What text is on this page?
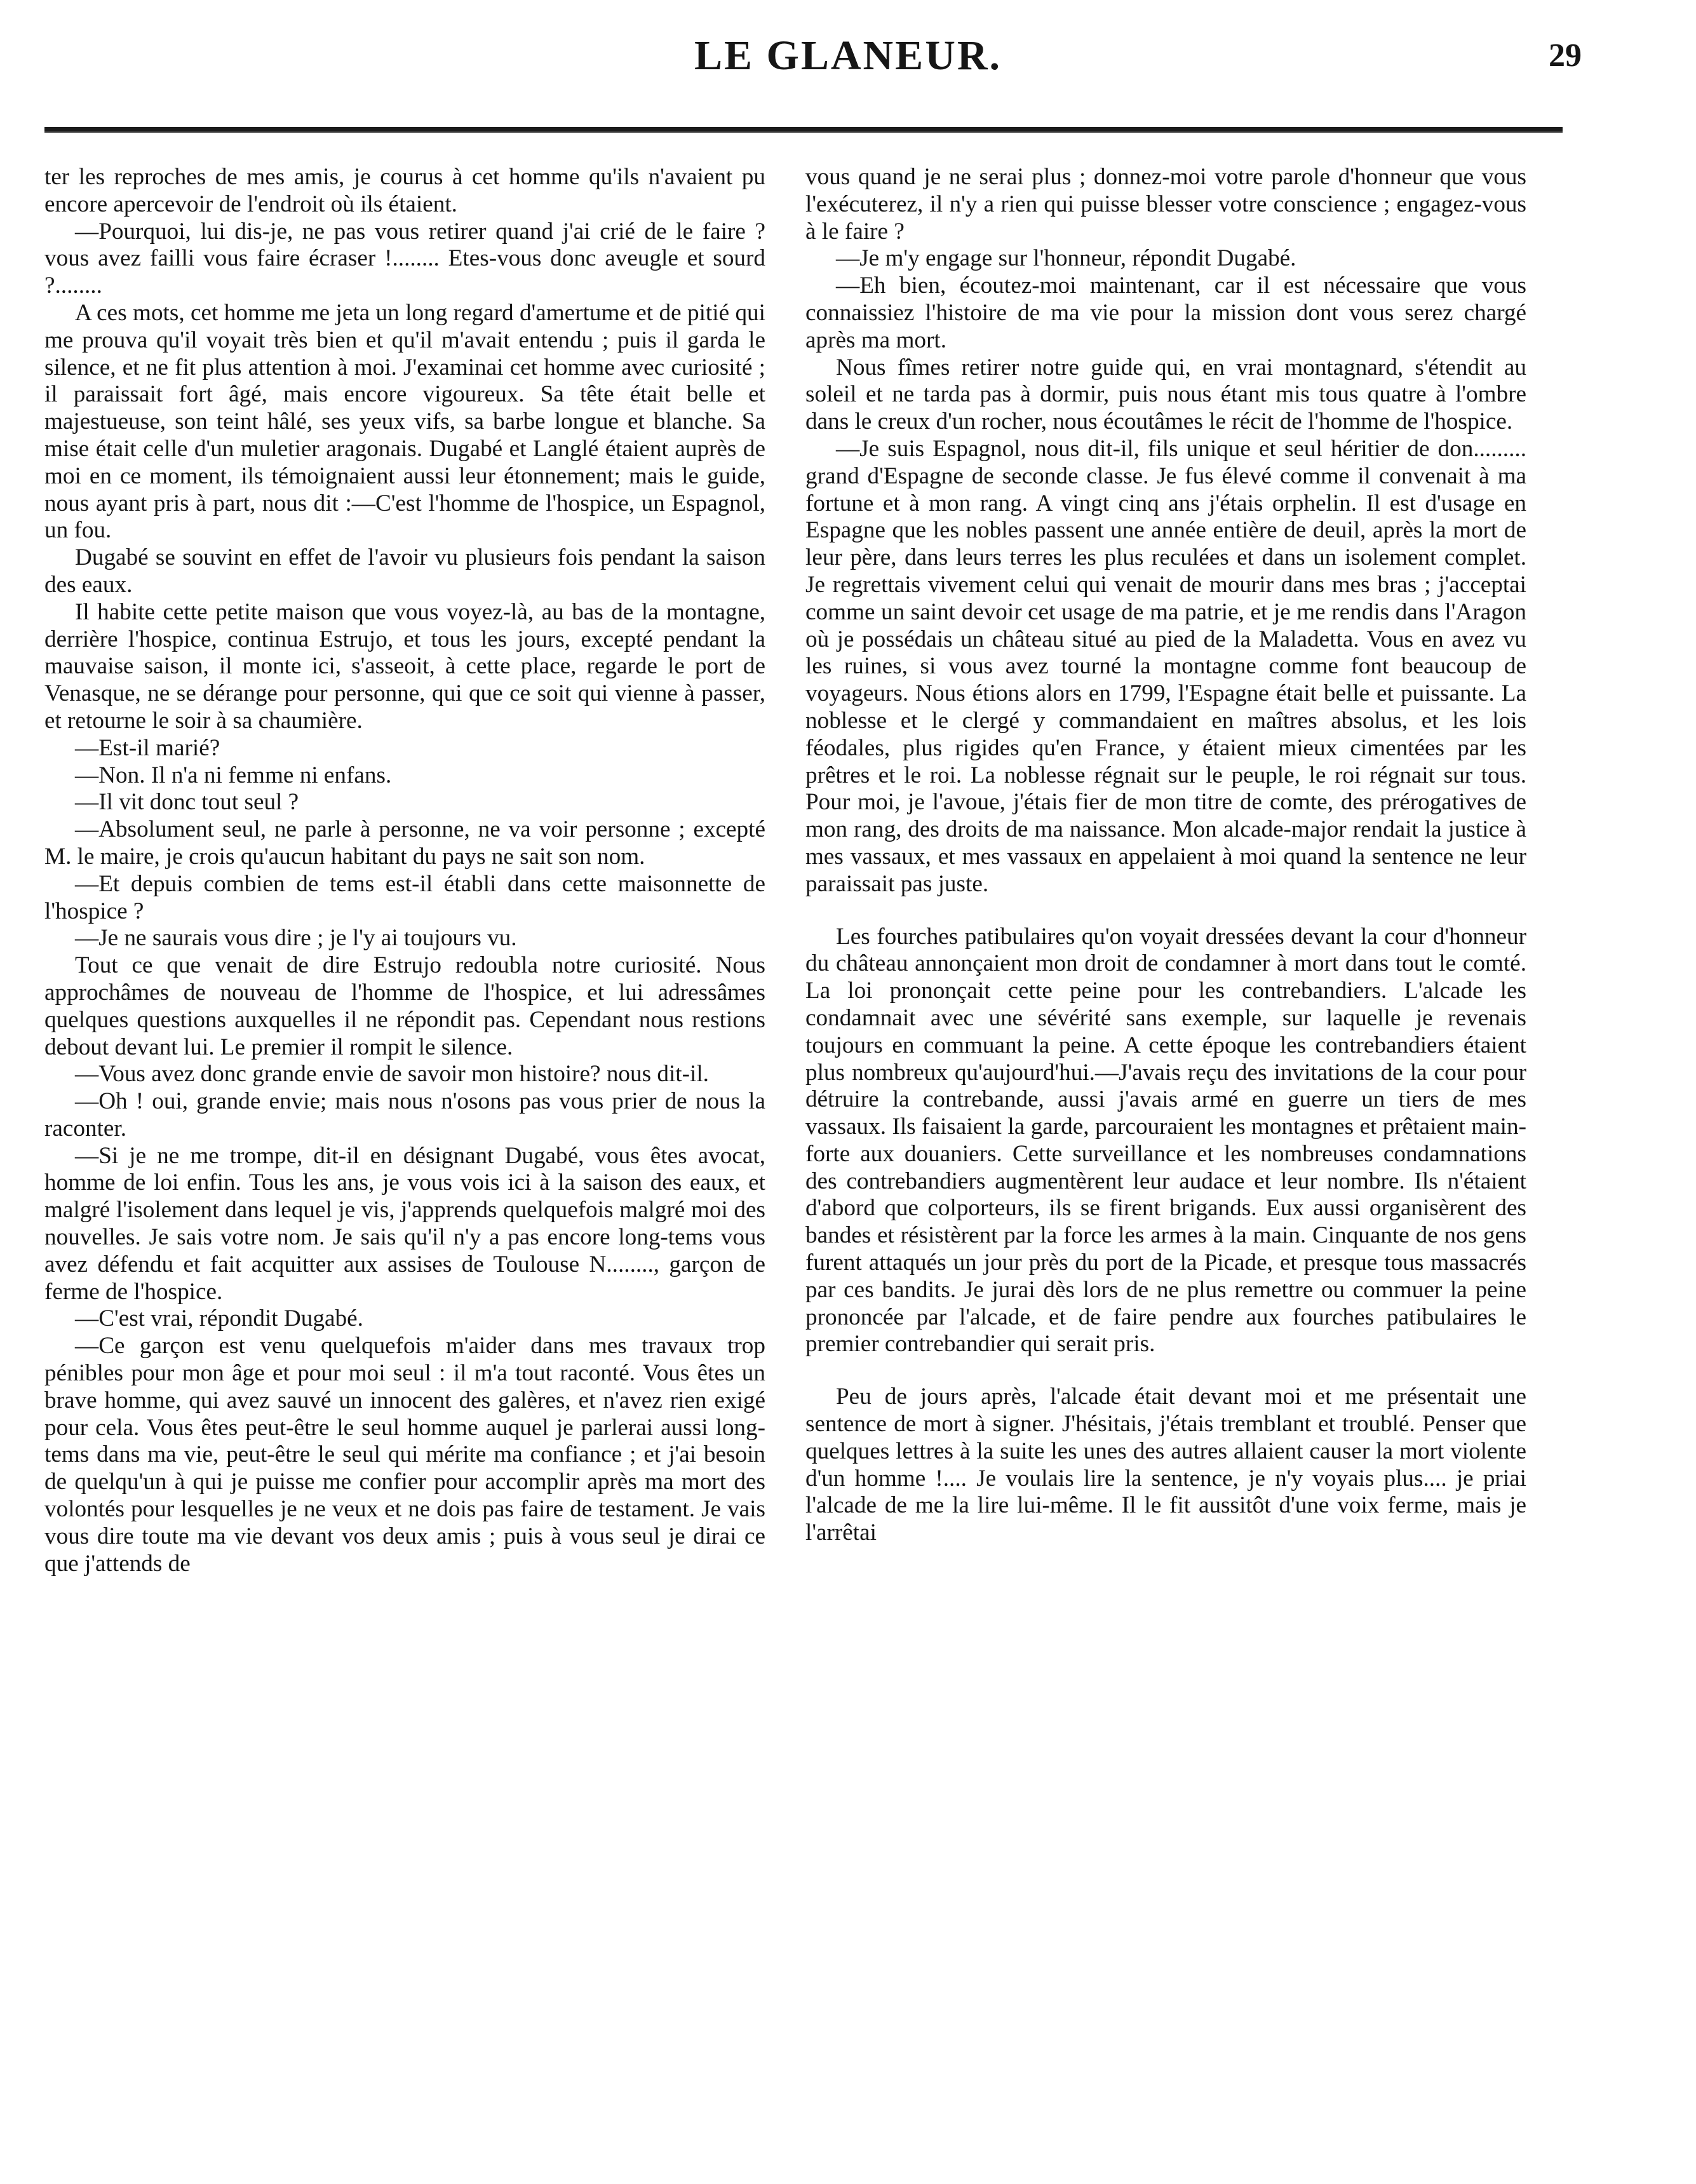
LE GLANEUR.	29

ter les reproches de mes amis, je courus à cet homme qu'ils n'avaient pu encore apercevoir de l'endroit où ils étaient.

—Pourquoi, lui dis-je, ne pas vous retirer quand j'ai crié de le faire ? vous avez failli vous faire écraser !........ Etes-vous donc aveugle et sourd ?........

A ces mots, cet homme me jeta un long regard d'amertume et de pitié qui me prouva qu'il voyait très bien et qu'il m'avait entendu ; puis il garda le silence, et ne fit plus attention à moi. J'examinai cet homme avec curiosité ; il paraissait fort âgé, mais encore vigoureux. Sa tête était belle et majestueuse, son teint hâlé, ses yeux vifs, sa barbe longue et blanche. Sa mise était celle d'un muletier aragonais. Dugabé et Langlé étaient auprès de moi en ce moment, ils témoignaient aussi leur étonnement; mais le guide, nous ayant pris à part, nous dit :—C'est l'homme de l'hospice, un Espagnol, un fou.

Dugabé se souvint en effet de l'avoir vu plusieurs fois pendant la saison des eaux.

Il habite cette petite maison que vous voyez-là, au bas de la montagne, derrière l'hospice, continua Estrujo, et tous les jours, excepté pendant la mauvaise saison, il monte ici, s'asseoit, à cette place, regarde le port de Venasque, ne se dérange pour personne, qui que ce soit qui vienne à passer, et retourne le soir à sa chaumière.

—Est-il marié?

—Non. Il n'a ni femme ni enfans.

—Il vit donc tout seul ?

—Absolument seul, ne parle à personne, ne va voir personne ; excepté M. le maire, je crois qu'aucun habitant du pays ne sait son nom.

—Et depuis combien de tems est-il établi dans cette maisonnette de l'hospice ?

—Je ne saurais vous dire ; je l'y ai toujours vu.

Tout ce que venait de dire Estrujo redoubla notre curiosité. Nous approchâmes de nouveau de l'homme de l'hospice, et lui adressâmes quelques questions auxquelles il ne répondit pas. Cependant nous restions debout devant lui. Le premier il rompit le silence.

—Vous avez donc grande envie de savoir mon histoire? nous dit-il.

—Oh ! oui, grande envie; mais nous n'osons pas vous prier de nous la raconter.

—Si je ne me trompe, dit-il en désignant Dugabé, vous êtes avocat, homme de loi enfin. Tous les ans, je vous vois ici à la saison des eaux, et malgré l'isolement dans lequel je vis, j'apprends quelquefois malgré moi des nouvelles. Je sais votre nom. Je sais qu'il n'y a pas encore long-tems vous avez défendu et fait acquitter aux assises de Toulouse N........, garçon de ferme de l'hospice.

—C'est vrai, répondit Dugabé.

—Ce garçon est venu quelquefois m'aider dans mes travaux trop pénibles pour mon âge et pour moi seul : il m'a tout raconté. Vous êtes un brave homme, qui avez sauvé un innocent des galères, et n'avez rien exigé pour cela. Vous êtes peut-être le seul homme auquel je parlerai aussi long-tems dans ma vie, peut-être le seul qui mérite ma confiance ; et j'ai besoin de quelqu'un à qui je puisse me confier pour accomplir après ma mort des volontés pour lesquelles je ne veux et ne dois pas faire de testament. Je vais vous dire toute ma vie devant vos deux amis ; puis à vous seul je dirai ce que j'attends de

vous quand je ne serai plus ; donnez-moi votre parole d'honneur que vous l'exécuterez, il n'y a rien qui puisse blesser votre conscience ; engagez-vous à le faire ?

—Je m'y engage sur l'honneur, répondit Dugabé.

—Eh bien, écoutez-moi maintenant, car il est nécessaire que vous connaissiez l'histoire de ma vie pour la mission dont vous serez chargé après ma mort.

Nous fîmes retirer notre guide qui, en vrai montagnard, s'étendit au soleil et ne tarda pas à dormir, puis nous étant mis tous quatre à l'ombre dans le creux d'un rocher, nous écoutâmes le récit de l'homme de l'hospice.

—Je suis Espagnol, nous dit-il, fils unique et seul héritier de don......... grand d'Espagne de seconde classe. Je fus élevé comme il convenait à ma fortune et à mon rang. A vingt cinq ans j'étais orphelin. Il est d'usage en Espagne que les nobles passent une année entière de deuil, après la mort de leur père, dans leurs terres les plus reculées et dans un isolement complet. Je regrettais vivement celui qui venait de mourir dans mes bras ; j'acceptai comme un saint devoir cet usage de ma patrie, et je me rendis dans l'Aragon où je possédais un château situé au pied de la Maladetta. Vous en avez vu les ruines, si vous avez tourné la montagne comme font beaucoup de voyageurs. Nous étions alors en 1799, l'Espagne était belle et puissante. La noblesse et le clergé y commandaient en maîtres absolus, et les lois féodales, plus rigides qu'en France, y étaient mieux cimentées par les prêtres et le roi. La noblesse régnait sur le peuple, le roi régnait sur tous. Pour moi, je l'avoue, j'étais fier de mon titre de comte, des prérogatives de mon rang, des droits de ma naissance. Mon alcade-major rendait la justice à mes vassaux, et mes vassaux en appelaient à moi quand la sentence ne leur paraissait pas juste.

Les fourches patibulaires qu'on voyait dressées devant la cour d'honneur du château annonçaient mon droit de condamner à mort dans tout le comté. La loi prononçait cette peine pour les contrebandiers. L'alcade les condamnait avec une sévérité sans exemple, sur laquelle je revenais toujours en commuant la peine. A cette époque les contrebandiers étaient plus nombreux qu'aujourd'hui.—J'avais reçu des invitations de la cour pour détruire la contrebande, aussi j'avais armé en guerre un tiers de mes vassaux. Ils faisaient la garde, parcouraient les montagnes et prêtaient main-forte aux douaniers. Cette surveillance et les nombreuses condamnations des contrebandiers augmentèrent leur audace et leur nombre. Ils n'étaient d'abord que colporteurs, ils se firent brigands. Eux aussi organisèrent des bandes et résistèrent par la force les armes à la main. Cinquante de nos gens furent attaqués un jour près du port de la Picade, et presque tous massacrés par ces bandits. Je jurai dès lors de ne plus remettre ou commuer la peine prononcée par l'alcade, et de faire pendre aux fourches patibulaires le premier contrebandier qui serait pris.

Peu de jours après, l'alcade était devant moi et me présentait une sentence de mort à signer. J'hésitais, j'étais tremblant et troublé. Penser que quelques lettres à la suite les unes des autres allaient causer la mort violente d'un homme !.... Je voulais lire la sentence, je n'y voyais plus.... je priai l'alcade de me la lire lui-même. Il le fit aussitôt d'une voix ferme, mais je l'arrêtai
